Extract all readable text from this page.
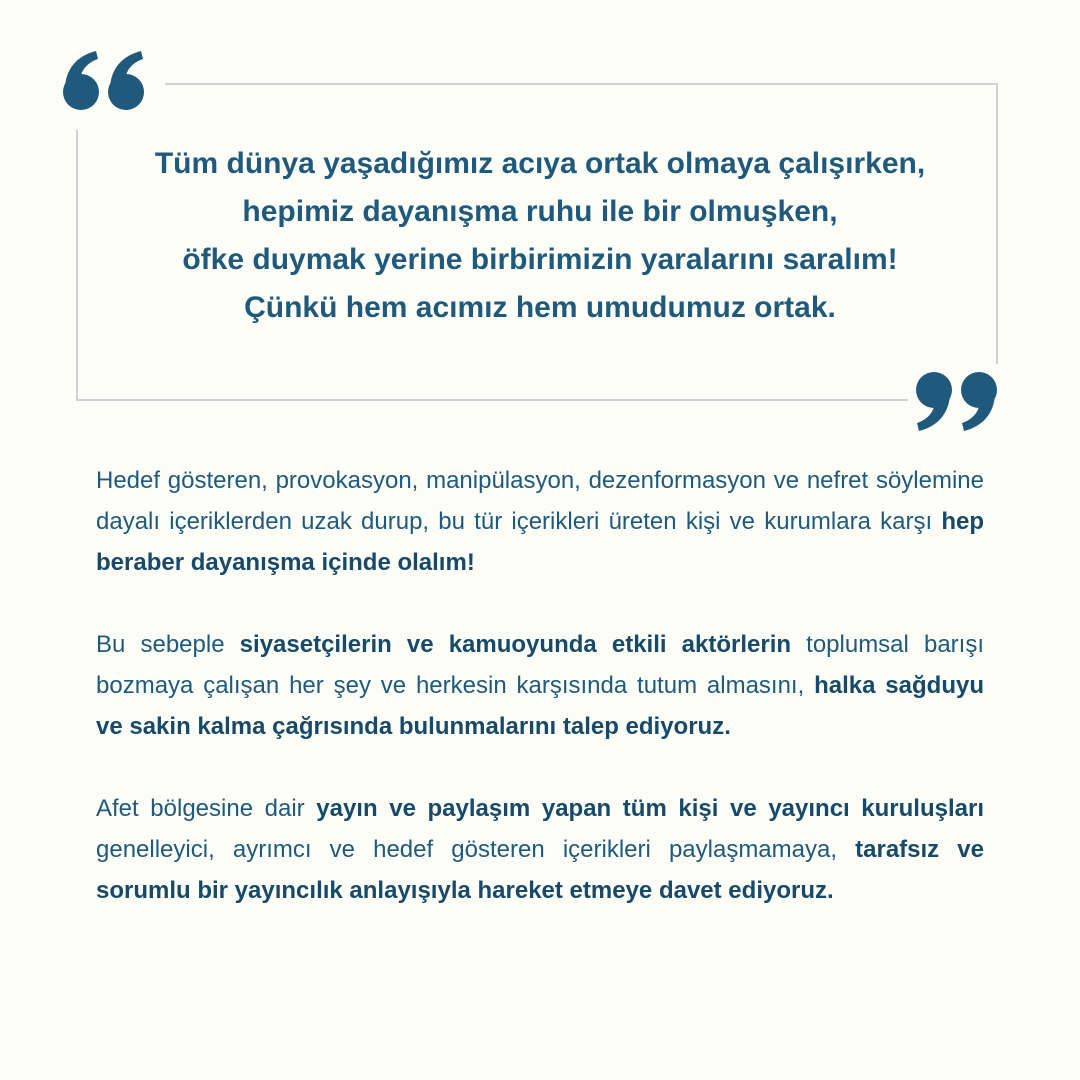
Tüm dünya yaşadığımız acıya ortak olmaya çalışırken,
hepimiz dayanışma ruhu ile bir olmuşken,
öfke duymak yerine birbirimizin yaralarını saralım!
Çünkü hem acımız hem umudumuz ortak.

Hedef gösteren, provokasyon, manipülasyon, dezenformasyon ve nefret söylemine dayalı içeriklerden uzak durup, bu tür içerikleri üreten kişi ve kurumlara karşı hep beraber dayanışma içinde olalım!

Bu sebeple siyasetçilerin ve kamuoyunda etkili aktörlerin toplumsal barışı bozmaya çalışan her şey ve herkesin karşısında tutum almasını, halka sağduyu ve sakin kalma çağrısında bulunmalarını talep ediyoruz.

Afet bölgesine dair yayın ve paylaşım yapan tüm kişi ve yayıncı kuruluşları genelleyici, ayrımcı ve hedef gösteren içerikleri paylaşmamaya, tarafsız ve sorumlu bir yayıncılık anlayışıyla hareket etmeye davet ediyoruz.
